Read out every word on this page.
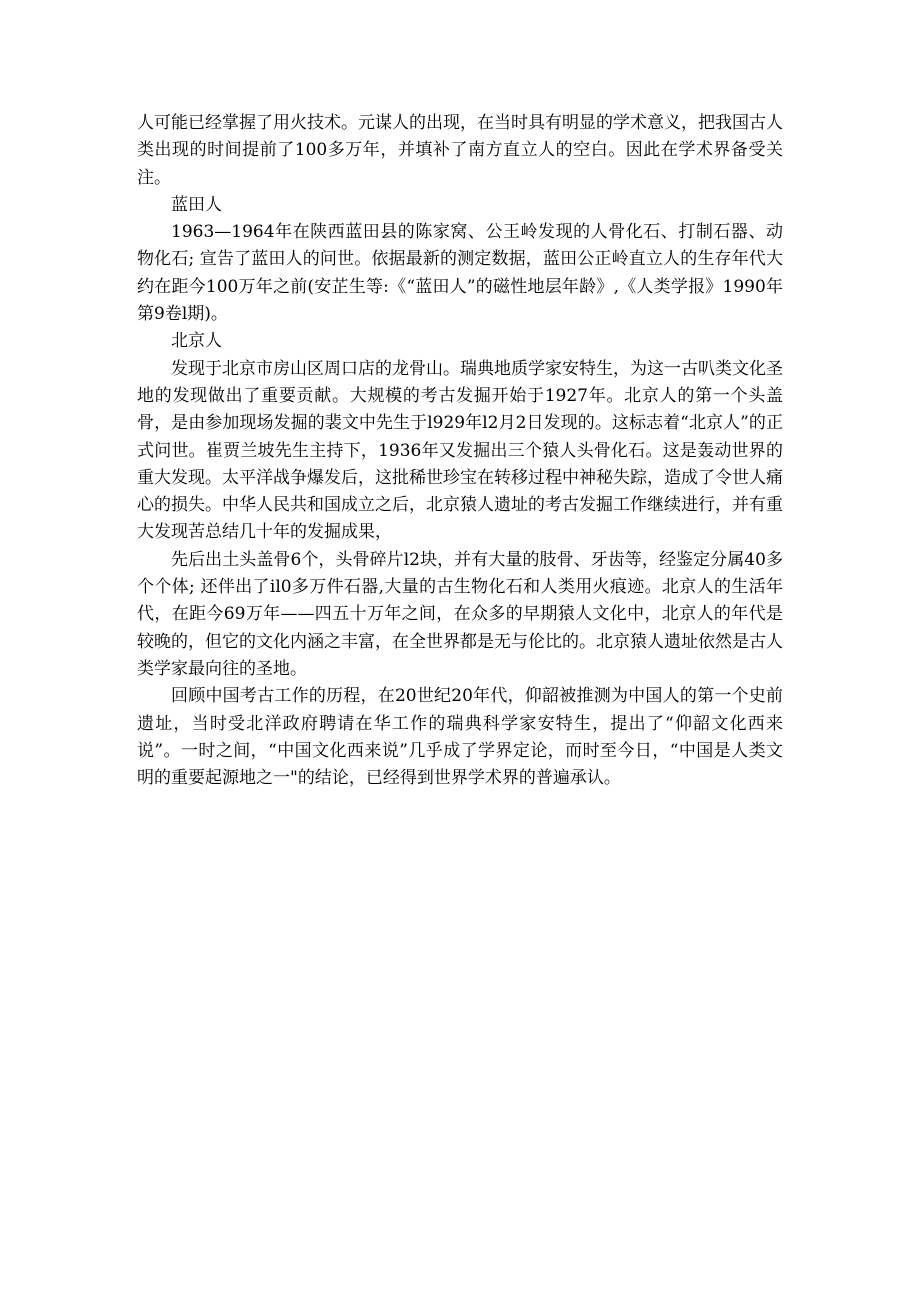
人可能已经掌握了用火技术。元谋人的出现，在当时具有明显的学术意义，把我国古人类出现的时间提前了100多万年，并填补了南方直立人的空白。因此在学术界备受关注。

蓝田人

1963—1964年在陕西蓝田县的陈家窝、公王岭发现的人骨化石、打制石器、动物化石; 宣告了蓝田人的问世。依据最新的测定数据，蓝田公正岭直立人的生存年代大约在距今100万年之前(安芷生等:《“蓝田人”的磁性地层年龄》,《人类学报》1990年第9卷l期)。

北京人

发现于北京市房山区周口店的龙骨山。瑞典地质学家安特生，为这一古叭类文化圣地的发现做出了重要贡献。大规模的考古发掘开始于1927年。北京人的第一个头盖骨，是由参加现场发掘的裴文中先生于l929年l2月2日发现的。这标志着“北京人”的正式问世。崔贾兰坡先生主持下，1936年又发掘出三个猿人头骨化石。这是轰动世界的重大发现。太平洋战争爆发后，这批稀世珍宝在转移过程中神秘失踪，造成了令世人痛心的损失。中华人民共和国成立之后，北京猿人遗址的考古发掘工作继续进行，并有重大发现苦总结几十年的发掘成果，

先后出土头盖骨6个，头骨碎片l2块，并有大量的肢骨、牙齿等，经鉴定分属40多个个体; 还伴出了il0多万件石器,大量的古生物化石和人类用火痕迹。北京人的生活年代，在距今69万年——四五十万年之间，在众多的早期猿人文化中，北京人的年代是较晚的，但它的文化内涵之丰富，在全世界都是无与伦比的。北京猿人遗址依然是古人类学家最向往的圣地。

回顾中国考古工作的历程，在20世纪20年代，仰韶被推测为中国人的第一个史前遗址，当时受北洋政府聘请在华工作的瑞典科学家安特生，提出了“仰韶文化西来说”。一时之间，“中国文化西来说”几乎成了学界定论，而时至今日，“中国是人类文明的重要起源地之一"的结论，已经得到世界学术界的普遍承认。
